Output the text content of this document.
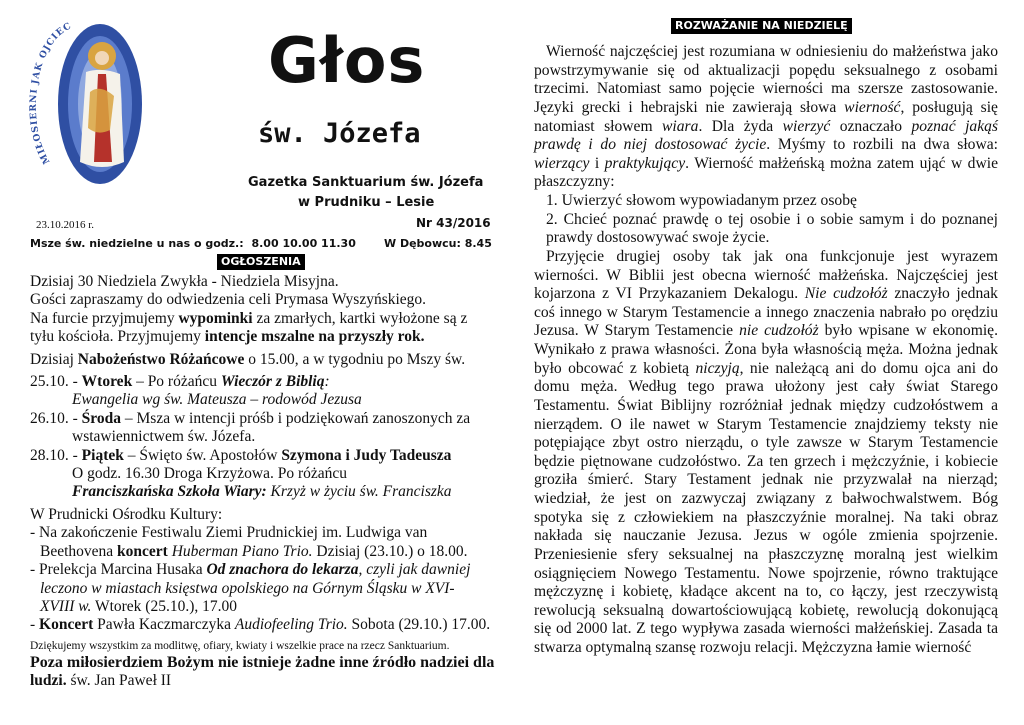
MIŁOSIERNI JAK OJCIEC	Głos
św. Józefa
Gazetka Sanktuarium św. Józefa
w Prudniku – Lesie
23.10.2016 r.	Nr 43/2016
Msze św. niedzielne u nas o godz.: 8.00 10.00 11.30	W Dębowcu: 8.45
OGŁOSZENIA
ROZWAŻANIE NA NIEDZIELĘ

Dzisiaj 30 Niedziela Zwykła - Niedziela Misyjna.

Gości zapraszamy do odwiedzenia celi Prymasa Wyszyńskiego.

Na furcie przyjmujemy wypominki za zmarłych, kartki wyłożone są z

tyłu kościoła. Przyjmujemy intencje mszalne na przyszły rok.

Dzisiaj Nabożeństwo Różańcowe o 15.00, a w tygodniu po Mszy św.

25.10. - Wtorek – Po różańcu Wieczór z Biblią:

Ewangelia wg św. Mateusza – rodowód Jezusa

26.10. - Środa – Msza w intencji próśb i podziękowań zanoszonych za

wstawiennictwem św. Józefa.

28.10. - Piątek – Święto św. Apostołów Szymona i Judy Tadeusza

O godz. 16.30 Droga Krzyżowa. Po różańcu

Franciszkańska Szkoła Wiary: Krzyż w życiu św. Franciszka

W Prudnicki Ośrodku Kultury:

- Na zakończenie Festiwalu Ziemi Prudnickiej im. Ludwiga van

Beethovena koncert Huberman Piano Trio. Dzisiaj (23.10.) o 18.00.

- Prelekcja Marcina Husaka Od znachora do lekarza, czyli jak dawniej

leczono w miastach księstwa opolskiego na Górnym Śląsku w XVI-

XVIII w. Wtorek (25.10.), 17.00

- Koncert Pawła Kaczmarczyka Audiofeeling Trio. Sobota (29.10.) 17.00.

Dziękujemy wszystkim za modlitwę, ofiary, kwiaty i wszelkie prace na rzecz Sanktuarium.

Poza miłosierdziem Bożym nie istnieje żadne inne źródło nadziei dla

ludzi. św. Jan Paweł II

Wierność najczęściej jest rozumiana w odniesieniu do małżeństwa jako powstrzymywanie się od aktualizacji popędu seksualnego z osobami trzecimi. Natomiast samo pojęcie wierności ma szersze zastosowanie. Języki grecki i hebrajski nie zawierają słowa wierność, posługują się natomiast słowem wiara. Dla żyda wierzyć oznaczało poznać jakąś prawdę i do niej dostosować życie. Myśmy to rozbili na dwa słowa: wierzący i praktykujący. Wierność małżeńską można zatem ująć w dwie płaszczyzny:

1. Uwierzyć słowom wypowiadanym przez osobę

2. Chcieć poznać prawdę o tej osobie i o sobie samym i do poznanej prawdy dostosowywać swoje życie.

Przyjęcie drugiej osoby tak jak ona funkcjonuje jest wyrazem wierności. W Biblii jest obecna wierność małżeńska. Najczęściej jest kojarzona z VI Przykazaniem Dekalogu. Nie cudzołóż znaczyło jednak coś innego w Starym Testamencie a innego znaczenia nabrało po orędziu Jezusa. W Starym Testamencie nie cudzołóż było wpisane w ekonomię. Wynikało z prawa własności. Żona była własnością męża. Można jednak było obcować z kobietą niczyją, nie należącą ani do domu ojca ani do domu męża. Według tego prawa ułożony jest cały świat Starego Testamentu. Świat Biblijny rozróżniał jednak między cudzołóstwem a nierządem. O ile nawet w Starym Testamencie znajdziemy teksty nie potępiające zbyt ostro nierządu, o tyle zawsze w Starym Testamencie będzie piętnowane cudzołóstwo. Za ten grzech i mężczyźnie, i kobiecie groziła śmierć. Stary Testament jednak nie przyzwalał na nierząd; wiedział, że jest on zazwyczaj związany z bałwochwalstwem. Bóg spotyka się z człowiekiem na płaszczyźnie moralnej. Na taki obraz nakłada się nauczanie Jezusa. Jezus w ogóle zmienia spojrzenie. Przeniesienie sfery seksualnej na płaszczyznę moralną jest wielkim osiągnięciem Nowego Testamentu. Nowe spojrzenie, równo traktujące mężczyznę i kobietę, kładące akcent na to, co łączy, jest rzeczywistą rewolucją seksualną dowartościowującą kobietę, rewolucją dokonującą się od 2000 lat. Z tego wypływa zasada wierności małżeńskiej. Zasada ta stwarza optymalną szansę rozwoju relacji. Mężczyzna łamie wierność
